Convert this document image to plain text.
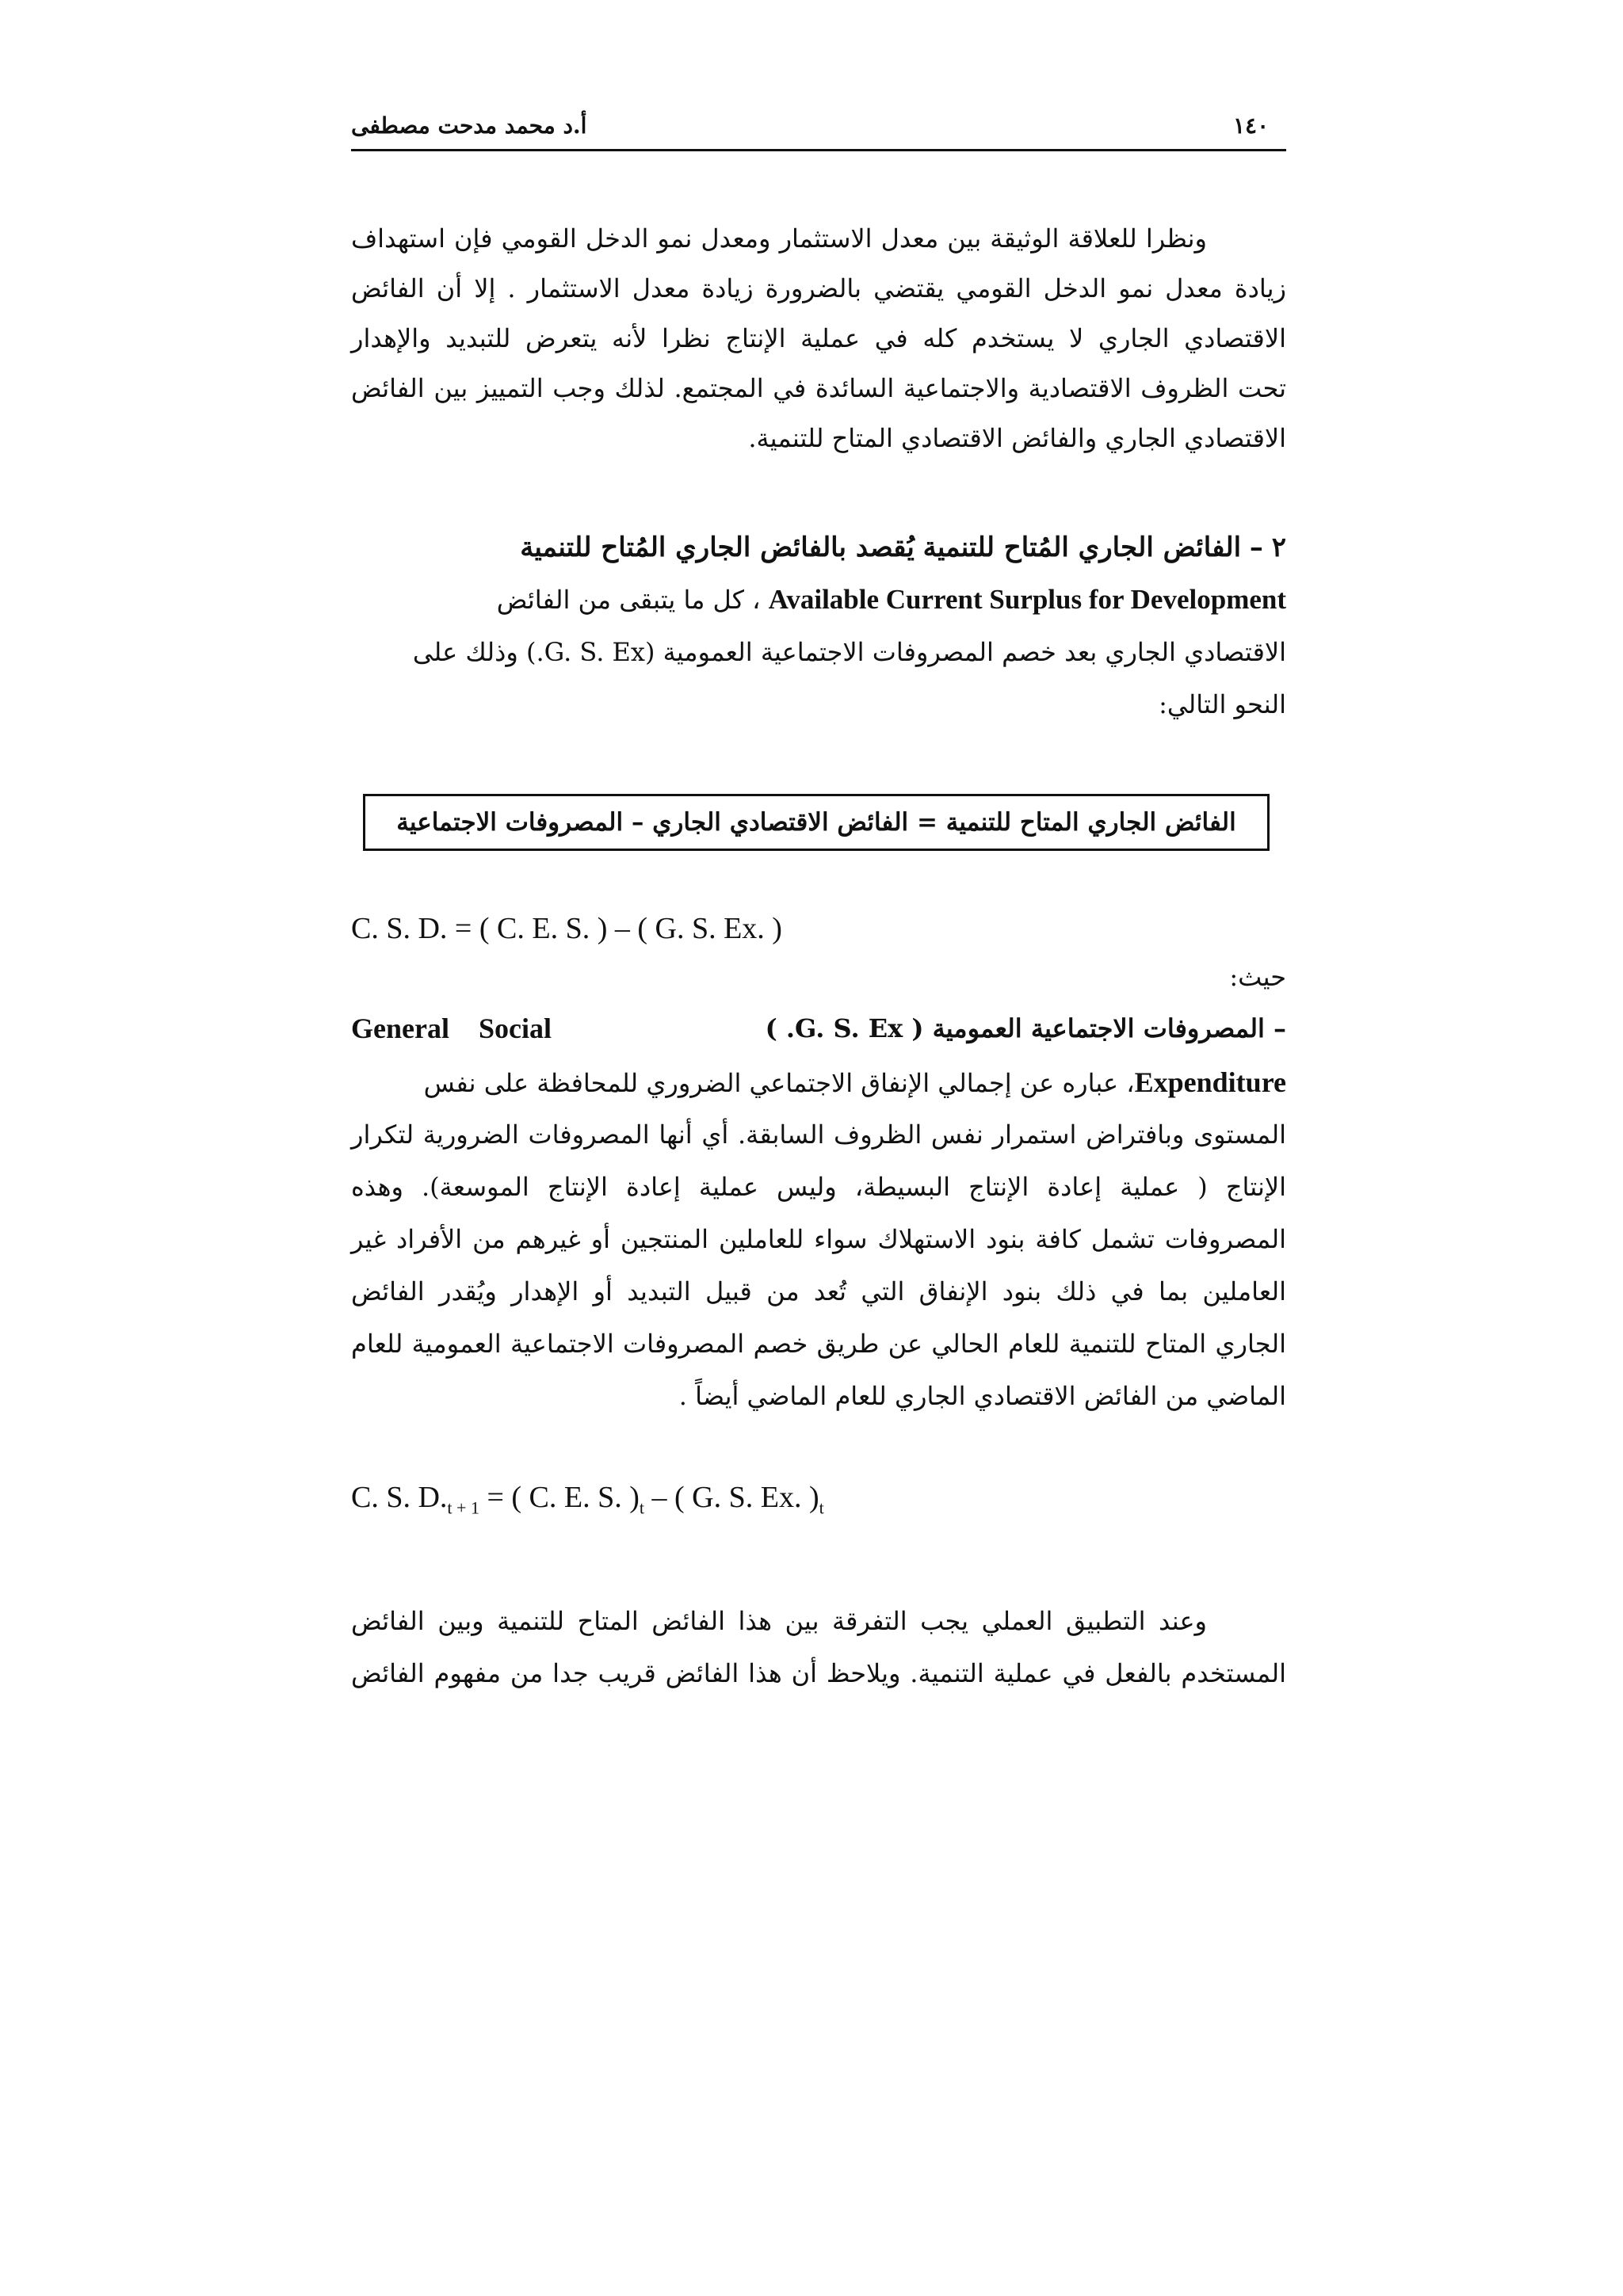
١٤٠
أ.د محمد مدحت مصطفى
ونظرا للعلاقة الوثيقة بين معدل الاستثمار ومعدل نمو الدخل القومي فإن استهداف
زيادة معدل نمو الدخل القومي يقتضي بالضرورة زيادة معدل الاستثمار . إلا أن الفائض
الاقتصادي الجاري لا يستخدم كله في عملية الإنتاج نظرا لأنه يتعرض للتبديد والإهدار
تحت الظروف الاقتصادية والاجتماعية السائدة في المجتمع. لذلك وجب التمييز بين الفائض
الاقتصادي الجاري والفائض الاقتصادي المتاح للتنمية.
٢ – الفائض الجاري المُتاح للتنمية يُقصد بالفائض الجاري المُتاح للتنمية
Available Current Surplus for Development ، كل ما يتبقى من الفائض
الاقتصادي الجاري بعد خصم المصروفات الاجتماعية العمومية (G. S. Ex.) وذلك على
النحو التالي:
الفائض الجاري المتاح للتنمية = الفائض الاقتصادي الجاري – المصروفات الاجتماعية
C. S. D. = ( C. E. S. ) – ( G. S. Ex. )
حيث:
– المصروفات الاجتماعية العمومية ( G. S. Ex. )
General Social
Expenditure، عباره عن إجمالي الإنفاق الاجتماعي الضروري للمحافظة على نفس
المستوى وبافتراض استمرار نفس الظروف السابقة. أي أنها المصروفات الضرورية لتكرار
الإنتاج ( عملية إعادة الإنتاج البسيطة، وليس عملية إعادة الإنتاج الموسعة). وهذه
المصروفات تشمل كافة بنود الاستهلاك سواء للعاملين المنتجين أو غيرهم من الأفراد غير
العاملين بما في ذلك بنود الإنفاق التي تُعد من قبيل التبديد أو الإهدار ويُقدر الفائض
الجاري المتاح للتنمية للعام الحالي عن طريق خصم المصروفات الاجتماعية العمومية للعام
الماضي من الفائض الاقتصادي الجاري للعام الماضي أيضاً .
C. S. $D._{t + 1}$ = ( C. E. S. )$_t$ – ( G. S. Ex. )$_t$
وعند التطبيق العملي يجب التفرقة بين هذا الفائض المتاح للتنمية وبين الفائض
المستخدم بالفعل في عملية التنمية. ويلاحظ أن هذا الفائض قريب جدا من مفهوم الفائض
